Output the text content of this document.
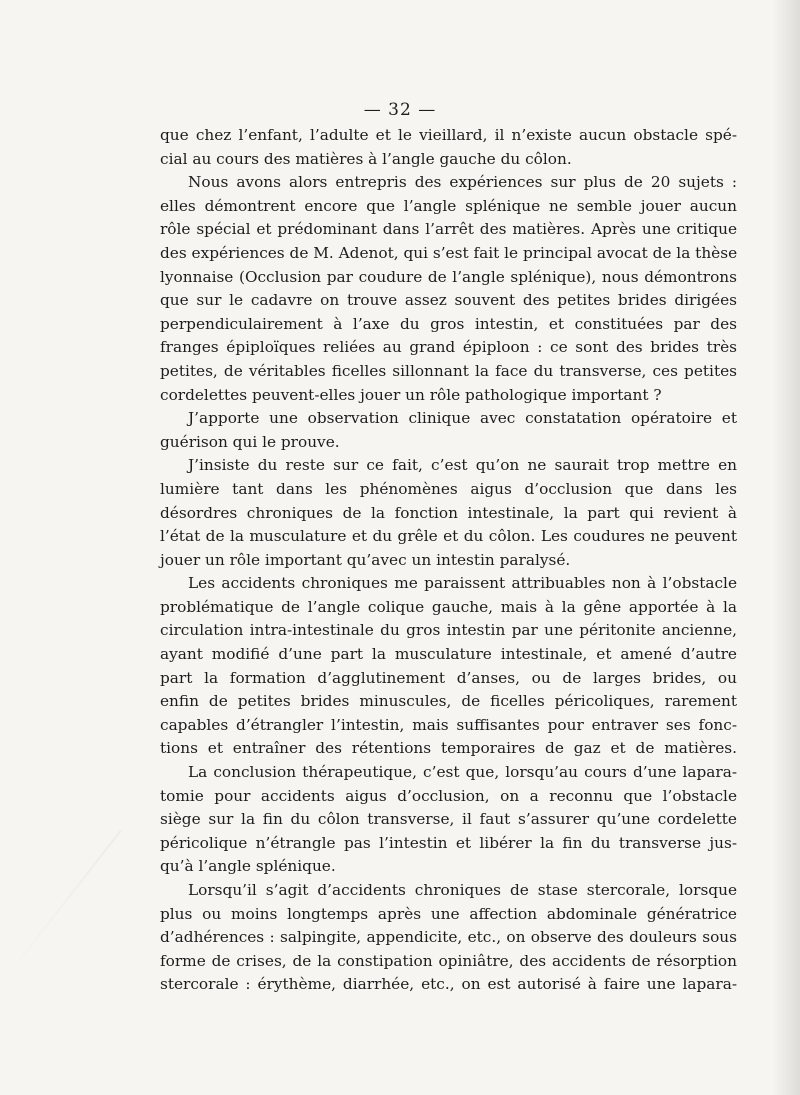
— 32 —
que chez l’enfant, l’adulte et le vieillard, il n’existe aucun obstacle spé-
cial au cours des matières à l’angle gauche du côlon.
Nous avons alors entrepris des expériences sur plus de 20 sujets :
elles démontrent encore que l’angle splénique ne semble jouer aucun
rôle spécial et prédominant dans l’arrêt des matières. Après une critique
des expériences de M. Adenot, qui s’est fait le principal avocat de la thèse
lyonnaise (Occlusion par coudure de l’angle splénique), nous démontrons
que sur le cadavre on trouve assez souvent des petites brides dirigées
perpendiculairement à l’axe du gros intestin, et constituées par des
franges épiploïques reliées au grand épiploon : ce sont des brides très
petites, de véritables ficelles sillonnant la face du transverse, ces petites
cordelettes peuvent-elles jouer un rôle pathologique important ?
J’apporte une observation clinique avec constatation opératoire et
guérison qui le prouve.
J’insiste du reste sur ce fait, c’est qu’on ne saurait trop mettre en
lumière tant dans les phénomènes aigus d’occlusion que dans les
désordres chroniques de la fonction intestinale, la part qui revient à
l’état de la musculature et du grêle et du côlon. Les coudures ne peuvent
jouer un rôle important qu’avec un intestin paralysé.
Les accidents chroniques me paraissent attribuables non à l’obstacle
problématique de l’angle colique gauche, mais à la gêne apportée à la
circulation intra-intestinale du gros intestin par une péritonite ancienne,
ayant modifié d’une part la musculature intestinale, et amené d’autre
part la formation d’agglutinement d’anses, ou de larges brides, ou
enfin de petites brides minuscules, de ficelles péricoliques, rarement
capables d’étrangler l’intestin, mais suffisantes pour entraver ses fonc-
tions et entraîner des rétentions temporaires de gaz et de matières.
La conclusion thérapeutique, c’est que, lorsqu’au cours d’une lapara-
tomie pour accidents aigus d’occlusion, on a reconnu que l’obstacle
siège sur la fin du côlon transverse, il faut s’assurer qu’une cordelette
péricolique n’étrangle pas l’intestin et libérer la fin du transverse jus-
qu’à l’angle splénique.
Lorsqu’il s’agit d’accidents chroniques de stase stercorale, lorsque
plus ou moins longtemps après une affection abdominale génératrice
d’adhérences : salpingite, appendicite, etc., on observe des douleurs sous
forme de crises, de la constipation opiniâtre, des accidents de résorption
stercorale : érythème, diarrhée, etc., on est autorisé à faire une lapara-
